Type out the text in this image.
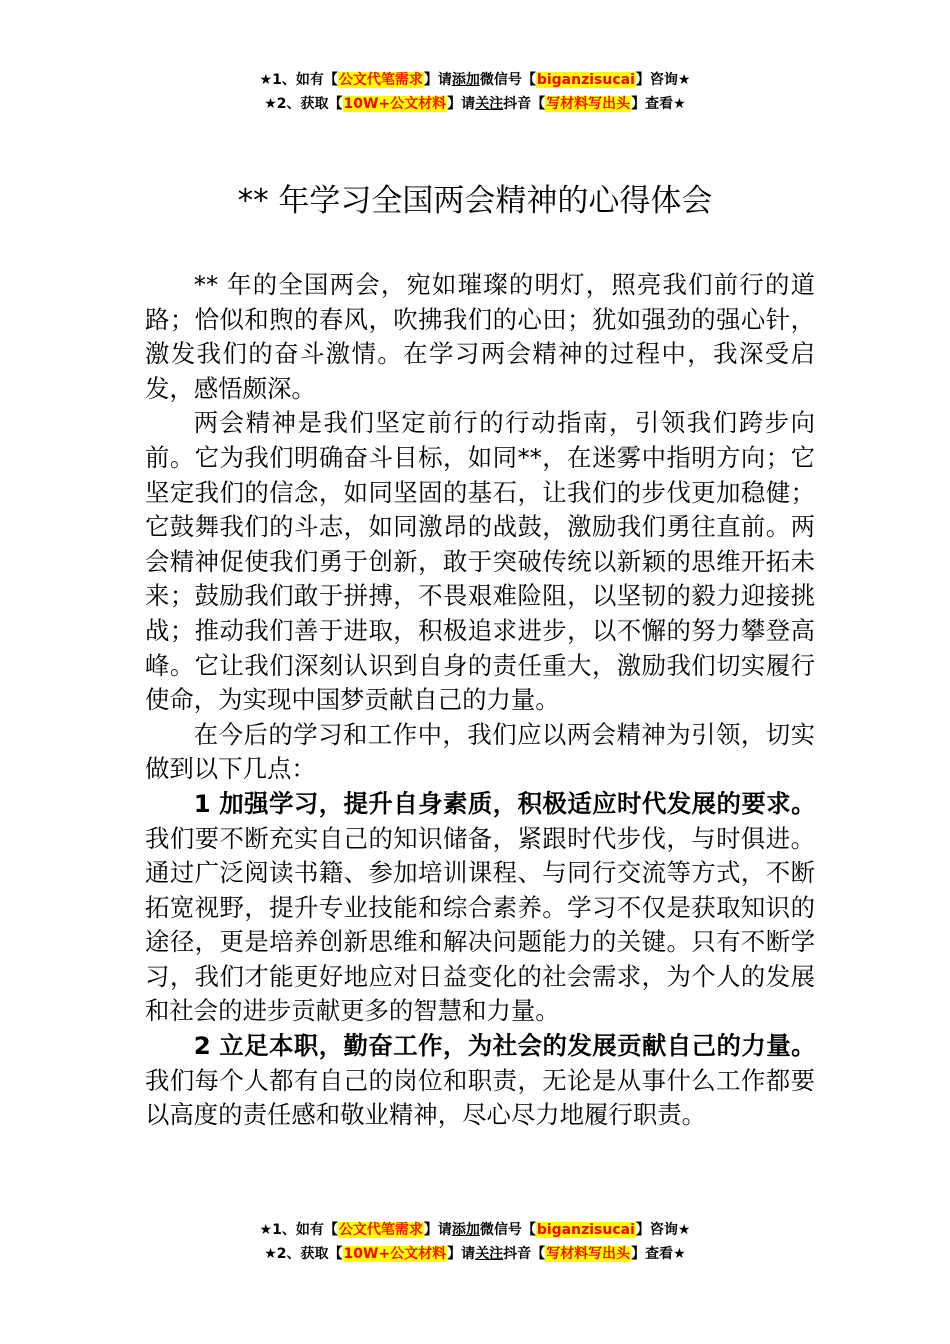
★1、如有【公文代笔需求】请添加微信号【biganzisucai】咨询★
★2、获取【10W+公文材料】请关注抖音【写材料写出头】查看★
** 年学习全国两会精神的心得体会

** 年的全国两会，宛如璀璨的明灯，照亮我们前行的道路；恰似和煦的春风，吹拂我们的心田；犹如强劲的强心针，激发我们的奋斗激情。在学习两会精神的过程中，我深受启发，感悟颇深。

两会精神是我们坚定前行的行动指南，引领我们跨步向前。它为我们明确奋斗目标，如同**，在迷雾中指明方向；它坚定我们的信念，如同坚固的基石，让我们的步伐更加稳健；它鼓舞我们的斗志，如同激昂的战鼓，激励我们勇往直前。两会精神促使我们勇于创新，敢于突破传统以新颖的思维开拓未来；鼓励我们敢于拼搏，不畏艰难险阻，以坚韧的毅力迎接挑战；推动我们善于进取，积极追求进步，以不懈的努力攀登高峰。它让我们深刻认识到自身的责任重大，激励我们切实履行使命，为实现中国梦贡献自己的力量。

在今后的学习和工作中，我们应以两会精神为引领，切实做到以下几点：

1 加强学习，提升自身素质，积极适应时代发展的要求。我们要不断充实自己的知识储备，紧跟时代步伐，与时俱进。通过广泛阅读书籍、参加培训课程、与同行交流等方式，不断拓宽视野，提升专业技能和综合素养。学习不仅是获取知识的途径，更是培养创新思维和解决问题能力的关键。只有不断学习，我们才能更好地应对日益变化的社会需求，为个人的发展和社会的进步贡献更多的智慧和力量。

2 立足本职，勤奋工作，为社会的发展贡献自己的力量。我们每个人都有自己的岗位和职责，无论是从事什么工作都要以高度的责任感和敬业精神，尽心尽力地履行职责。

★1、如有【公文代笔需求】请添加微信号【biganzisucai】咨询★
★2、获取【10W+公文材料】请关注抖音【写材料写出头】查看★
